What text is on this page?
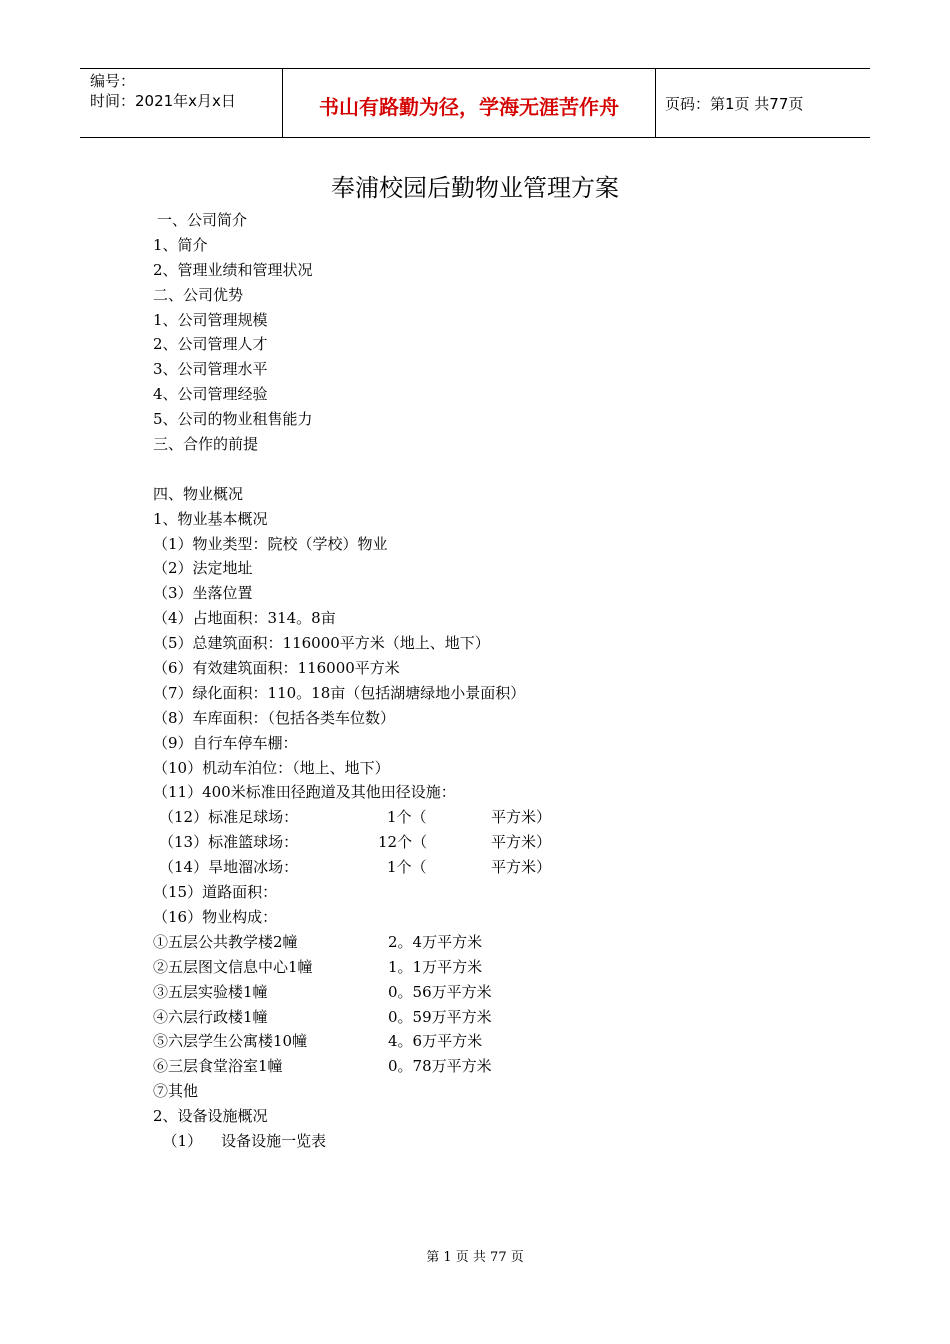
编号：
时间：2021年x月x日	书山有路勤为径，学海无涯苦作舟	页码：第1页 共77页
奉浦校园后勤物业管理方案
一、公司简介
1、简介
2、管理业绩和管理状况
二、公司优势
1、公司管理规模
2、公司管理人才
3、公司管理水平
4、公司管理经验
5、公司的物业租售能力
三、合作的前提
四、物业概况
1、物业基本概况
（1）物业类型：院校（学校）物业
（2）法定地址
（3）坐落位置
（4）占地面积：314。8亩
（5）总建筑面积：116000平方米（地上、地下）
（6）有效建筑面积：116000平方米
（7）绿化面积：110。18亩（包括湖塘绿地小景面积）
（8）车库面积：（包括各类车位数）
（9）自行车停车棚：
（10）机动车泊位：（地上、地下）
（11）400米标准田径跑道及其他田径设施：
（12）标准足球场：	1个（	平方米）
（13）标准篮球场：	12个（	平方米）
（14）旱地溜冰场：	1个（	平方米）
（15）道路面积：
（16）物业构成：
①五层公共教学楼2幢	2。4万平方米
②五层图文信息中心1幢	1。1万平方米
③五层实验楼1幢	0。56万平方米
④六层行政楼1幢	0。59万平方米
⑤六层学生公寓楼10幢	4。6万平方米
⑥三层食堂浴室1幢	0。78万平方米
⑦其他
2、设备设施概况
（1）    设备设施一览表
第 1 页 共 77 页
